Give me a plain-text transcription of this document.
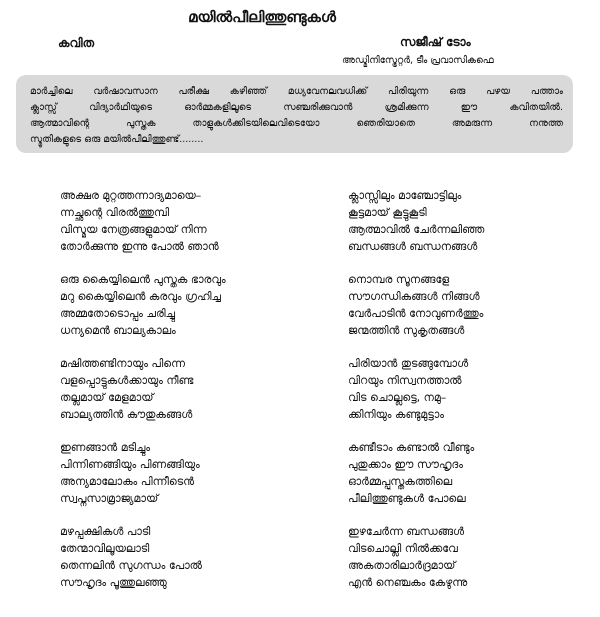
മയിൽപീലിത്തുണ്ടുകൾ
കവിത	സജീഷ് ടോം
അഡ്മിനിസ്ട്രേറ്റർ, ടീം പ്രവാസികഫെ
മാർച്ചിലെ വർഷാവസാന പരീക്ഷ കഴിഞ്ഞ് മധ്യവേനലവധിക്ക് പിരിയുന്ന ഒരു പഴയ പത്താം
ക്ലാസ്സ് വിദ്യാർഥിയുടെ ഓർമ്മകളിലൂടെ സഞ്ചരിക്കുവാൻ ശ്രമിക്കുന്ന ഈ കവിതയിൽ.
ആത്മാവിന്റെ പുസ്തക താളുകൾക്കിടയിലെവിടെയോ ഞെരിയാതെ അമരുന്ന നനുത്ത
സ്മൃതികളുടെ ഒരു മയിൽപീലിത്തുണ്ട്........
അക്ഷര മുറ്റത്തന്നാദ്യമായെ–
ന്നച്ഛന്റെ വിരൽത്തുമ്പി
വിസ്മയ നേത്രങ്ങളുമായ് നിന്ന
തോർക്കുന്നു ഇന്നു പോൽ ഞാൻ
ഒരു കൈയ്യിലെൻ പുസ്തക ഭാരവും
മറു കൈയ്യിലെൻ കരവും ഗ്രഹിച്ച
അമ്മതോടൊപ്പം ചരിച്ചു
ധന്യമെൻ ബാല്യകാലം
മഷിത്തണ്ടിനായും പിന്നെ
വളപ്പൊട്ടുകൾക്കായും നീണ്ട
തല്ലമായ് മേളമായ്
ബാല്യത്തിൻ കൗതുകങ്ങൾ
ഇണങ്ങാൻ മടിച്ചും
പിന്നിണങ്ങിയും പിണങ്ങിയും
അന്യമാലോകം പിന്നീടെൻ
സ്വപ്നസാമ്രാജ്യമായ്
മഴപ്പക്ഷികൾ പാടി
തേന്മാവിലൂയലാടി
തെന്നലിൻ സുഗന്ധം പോൽ
സൗഹൃദം പൂത്തുലഞ്ഞു
ക്ലാസ്സിലും മാഞ്ചോട്ടിലും
കൂട്ടമായ് കൂട്ടുകൂടി
ആത്മാവിൽ ചേർന്നലിഞ്ഞ
ബന്ധങ്ങൾ ബന്ധനങ്ങൾ
നൊമ്പര സൂനങ്ങളേ
സൗഗന്ധികങ്ങൾ നിങ്ങൾ
വേർപാടിൻ നോവുണർത്തും
ജന്മത്തിൻ സുകൃതങ്ങൾ
പിരിയാൻ തുടങ്ങുമ്പോൾ
വിറയും നിസ്വനത്താൽ
വിട ചൊല്ലട്ടെ, നമു–
ക്കിനിയും കണ്ടുമുട്ടാം
കണ്ടീടാം കണ്ടാൽ വീണ്ടും
പുതുക്കാം ഈ സൗഹൃദം
ഓർമ്മപ്പുസ്തകത്തിലെ
പീലിത്തുണ്ടുകൾ പോലെ
ഇഴചേർന്ന ബന്ധങ്ങൾ
വിടചൊല്ലി നിൽക്കവേ
അകതാരിലാർദ്രമായ്
എൻ നെഞ്ചകം കേഴുന്നു
